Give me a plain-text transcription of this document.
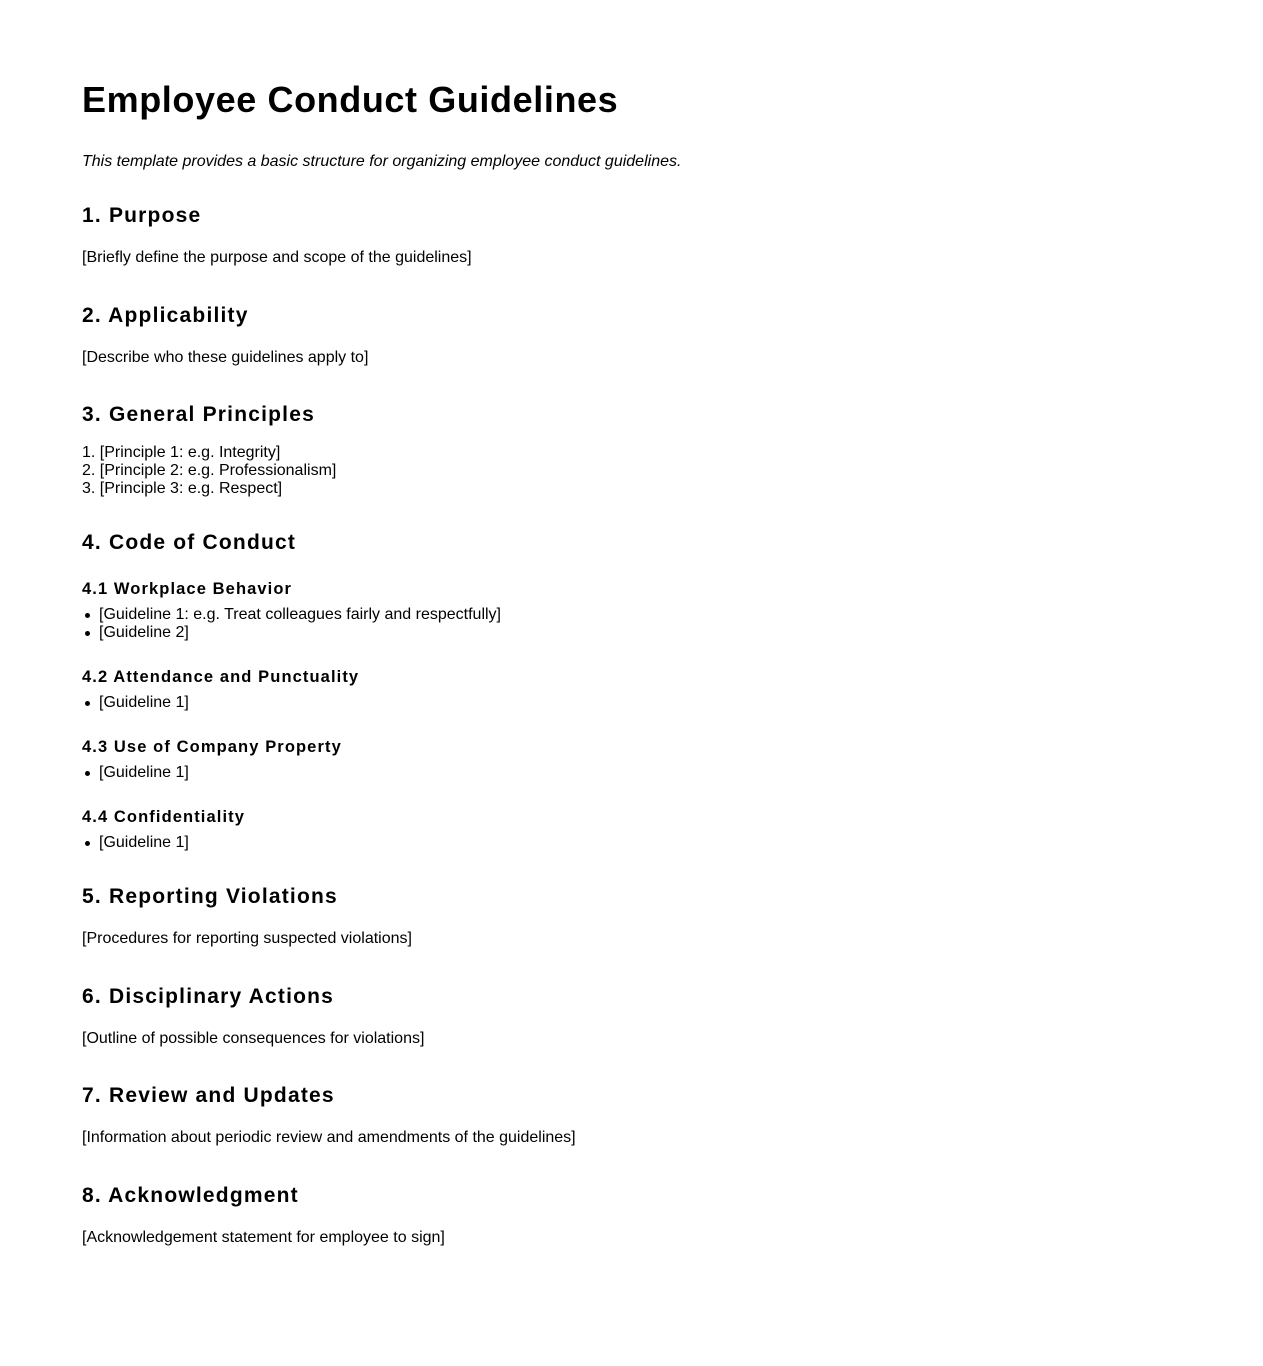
Employee Conduct Guidelines

This template provides a basic structure for organizing employee conduct guidelines.

1. Purpose

[Briefly define the purpose and scope of the guidelines]

2. Applicability

[Describe who these guidelines apply to]

3. General Principles
1. [Principle 1: e.g. Integrity]
2. [Principle 2: e.g. Professionalism]
3. [Principle 3: e.g. Respect]
4. Code of Conduct
4.1 Workplace Behavior
[Guideline 1: e.g. Treat colleagues fairly and respectfully]
[Guideline 2]
4.2 Attendance and Punctuality
[Guideline 1]
4.3 Use of Company Property
[Guideline 1]
4.4 Confidentiality
[Guideline 1]
5. Reporting Violations

[Procedures for reporting suspected violations]

6. Disciplinary Actions

[Outline of possible consequences for violations]

7. Review and Updates

[Information about periodic review and amendments of the guidelines]

8. Acknowledgment

[Acknowledgement statement for employee to sign]
